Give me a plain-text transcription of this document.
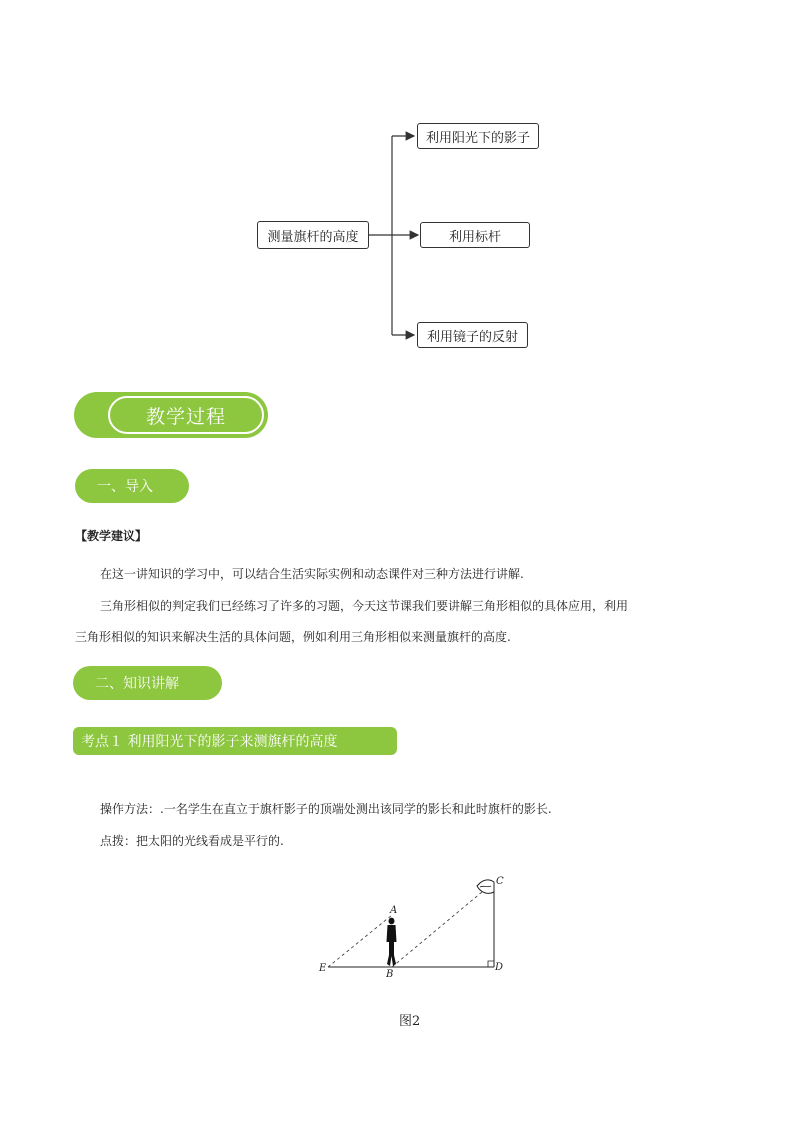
测量旗杆的高度
利用阳光下的影子
利用标杆
利用镜子的反射
教学过程
一、导入
【教学建议】
在这一讲知识的学习中，可以结合生活实际实例和动态课件对三种方法进行讲解.
三角形相似的判定我们已经练习了许多的习题，今天这节课我们要讲解三角形相似的具体应用，利用
三角形相似的知识来解决生活的具体问题，例如利用三角形相似来测量旗杆的高度.
二、知识讲解
考点１ 利用阳光下的影子来测旗杆的高度
操作方法：.一名学生在直立于旗杆影子的顶端处测出该同学的影长和此时旗杆的影长.
点拨：把太阳的光线看成是平行的.
A
B
C
D
E
图2
